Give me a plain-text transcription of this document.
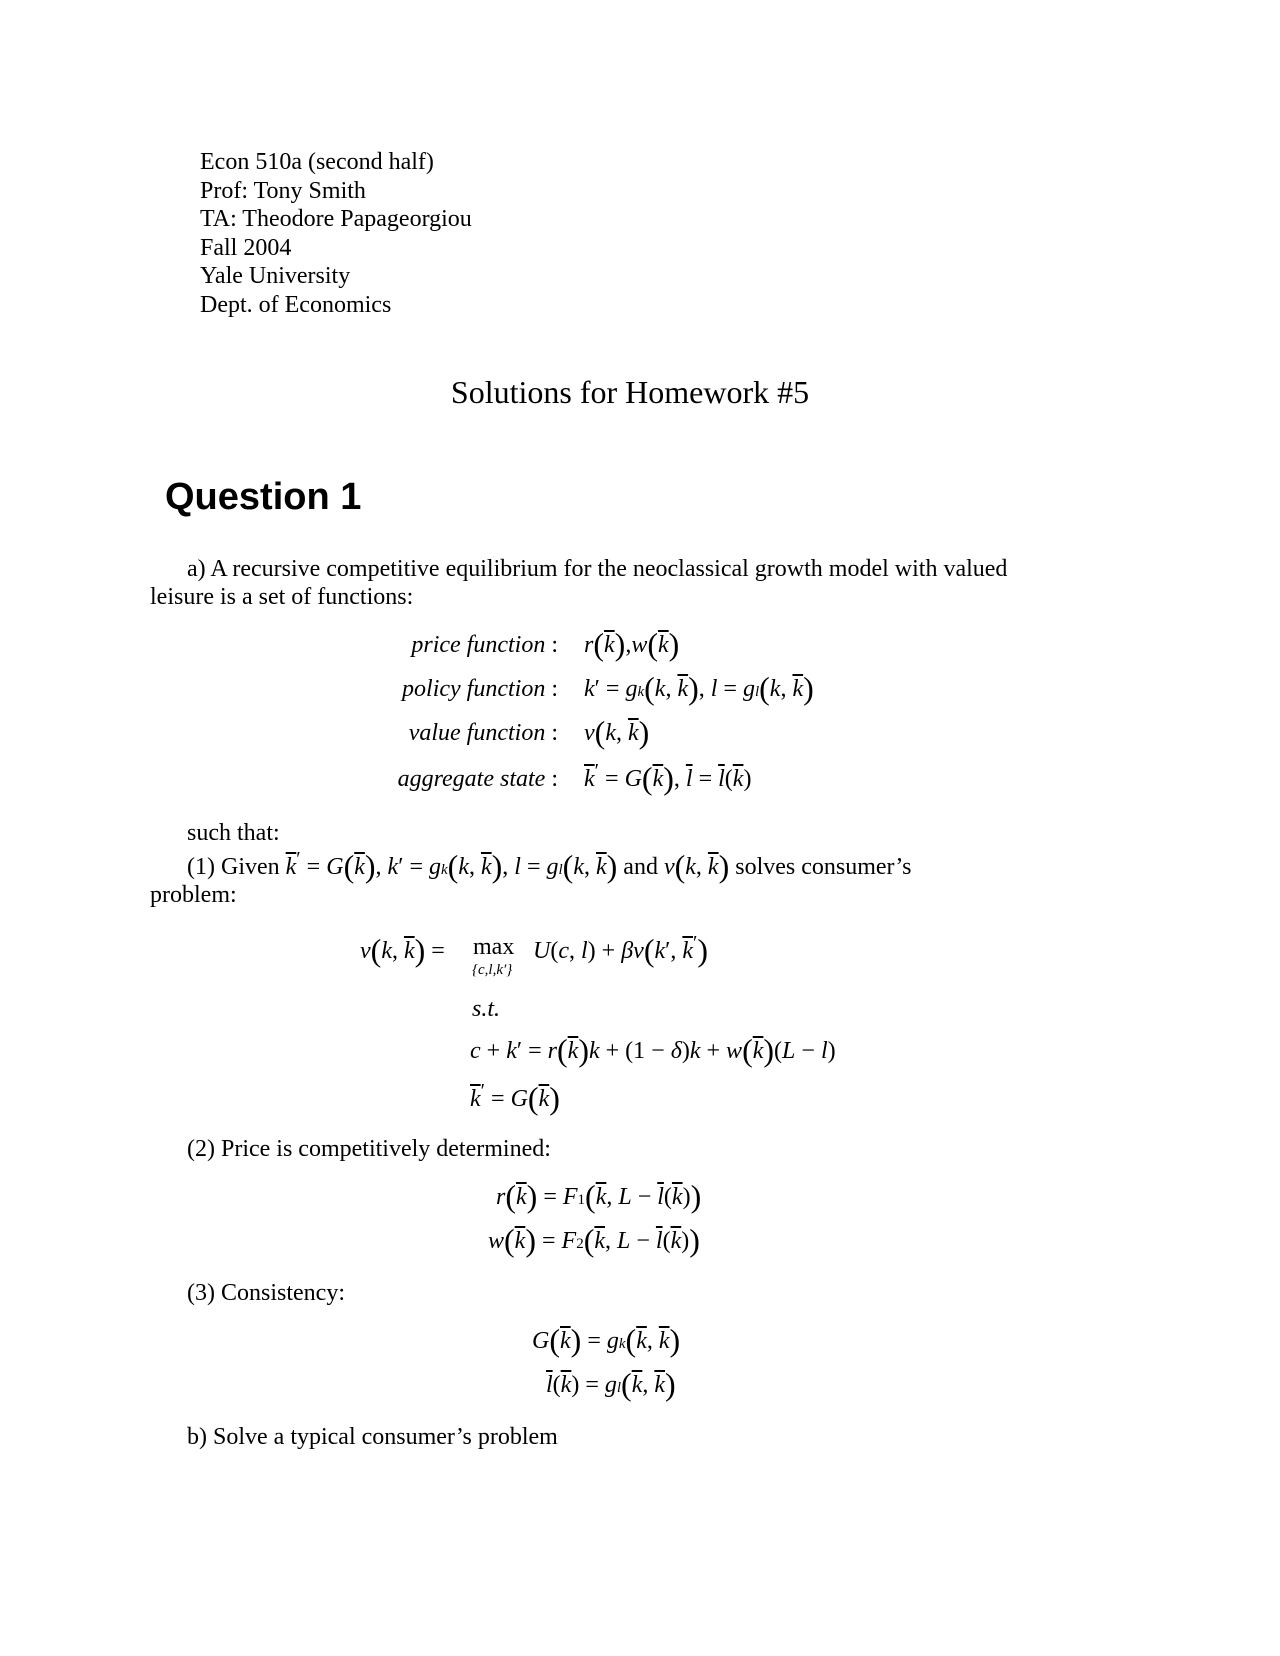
Econ 510a (second half)
Prof: Tony Smith
TA: Theodore Papageorgiou
Fall 2004
Yale University
Dept. of Economics
Solutions for Homework #5
Question 1
a) A recursive competitive equilibrium for the neoclassical growth model with valued
leisure is a set of functions:
price function : $r(\overline{k}),w(\overline{k})$
policy function : k′ = gk(k, $\overline{k}$), l = gl(k, $\overline{k}$)
value function : v(k, $\overline{k}$)
aggregate state : $\overline{k}' = G(\overline{k})$, $\overline{l} = \overline{l}(\overline{k})$
such that:
(1) Given $\overline{k}' = G(\overline{k})$, k′ = gk(k, $\overline{k}$), l = gl(k, $\overline{k}$) and v(k, $\overline{k}$) solves consumer’s
problem:
v(k, $\overline{k}) = \max$
{c,l,k′}
U(c, l) + βv(k′, $\overline{k}'$)
s.t.
$c + k' = r(\overline{k})k + (1 - \delta)k + w(\overline{k})(L - l)$
$\overline{k}' = G(\overline{k})$
(2) Price is competitively determined:
$r(\overline{k}) = F1(\overline{k}$, $L - \overline{l}(\overline{k})$)
$w(\overline{k}) = F2(\overline{k}$, $L - \overline{l}(\overline{k})$)
(3) Consistency:
$G(\overline{k}) = gk(\overline{k}$, $\overline{k}$)
$\overline{l}(\overline{k}) = gl(\overline{k}$, $\overline{k}$)
b) Solve a typical consumer’s problem
